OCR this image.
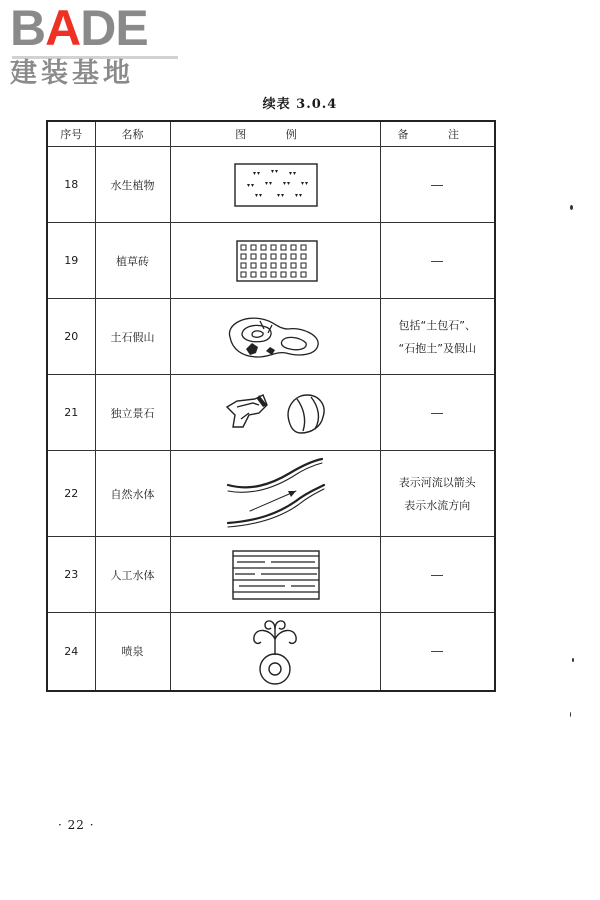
BADE

建装基地

续表 3.0.4
序号	名称	图 例	备 注
18	水生植物	

19	植草砖	

20	土石假山		包括“土包石”、
“石抱土”及假山

21	独立景石	

22	自然水体		表示河流以箭头
表示水流方向

23	人工水体	

24	喷泉	

· 22 ·
